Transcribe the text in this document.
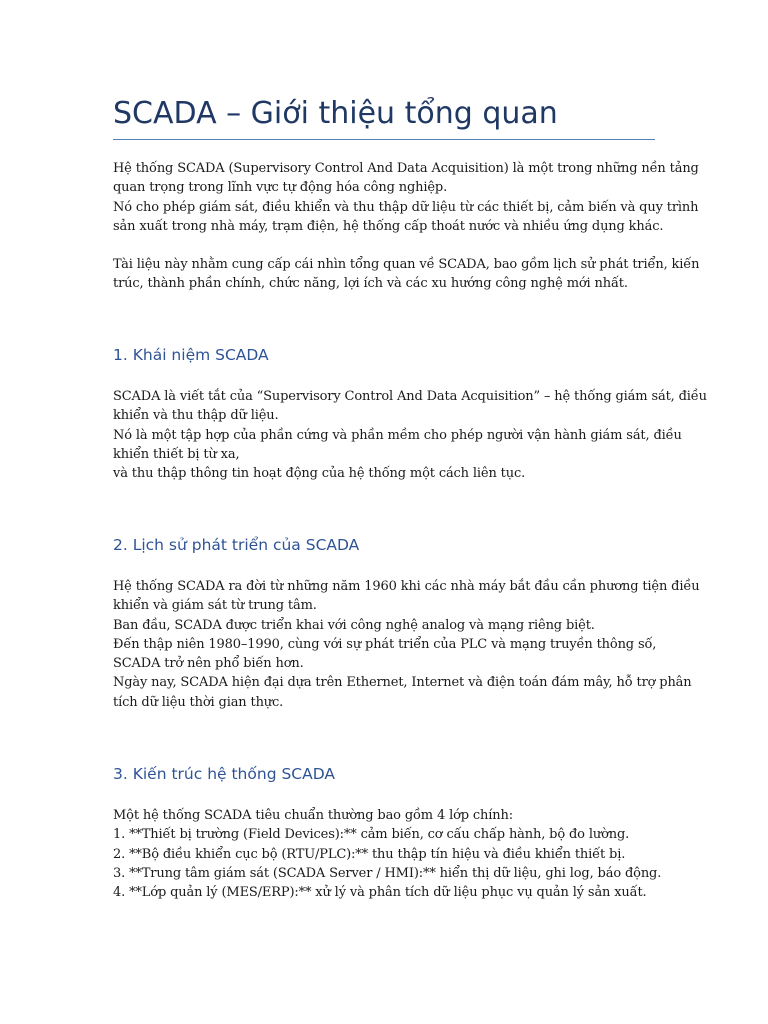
SCADA – Giới thiệu tổng quan
Hệ thống SCADA (Supervisory Control And Data Acquisition) là một trong những nền tảng
quan trọng trong lĩnh vực tự động hóa công nghiệp.
Nó cho phép giám sát, điều khiển và thu thập dữ liệu từ các thiết bị, cảm biến và quy trình
sản xuất trong nhà máy, trạm điện, hệ thống cấp thoát nước và nhiều ứng dụng khác.
Tài liệu này nhằm cung cấp cái nhìn tổng quan về SCADA, bao gồm lịch sử phát triển, kiến
trúc, thành phần chính, chức năng, lợi ích và các xu hướng công nghệ mới nhất.
1. Khái niệm SCADA
SCADA là viết tắt của “Supervisory Control And Data Acquisition” – hệ thống giám sát, điều
khiển và thu thập dữ liệu.
Nó là một tập hợp của phần cứng và phần mềm cho phép người vận hành giám sát, điều
khiển thiết bị từ xa,
và thu thập thông tin hoạt động của hệ thống một cách liên tục.
2. Lịch sử phát triển của SCADA
Hệ thống SCADA ra đời từ những năm 1960 khi các nhà máy bắt đầu cần phương tiện điều
khiển và giám sát từ trung tâm.
Ban đầu, SCADA được triển khai với công nghệ analog và mạng riêng biệt.
Đến thập niên 1980–1990, cùng với sự phát triển của PLC và mạng truyền thông số,
SCADA trở nên phổ biến hơn.
Ngày nay, SCADA hiện đại dựa trên Ethernet, Internet và điện toán đám mây, hỗ trợ phân
tích dữ liệu thời gian thực.
3. Kiến trúc hệ thống SCADA
Một hệ thống SCADA tiêu chuẩn thường bao gồm 4 lớp chính:
1. **Thiết bị trường (Field Devices):** cảm biến, cơ cấu chấp hành, bộ đo lường.
2. **Bộ điều khiển cục bộ (RTU/PLC):** thu thập tín hiệu và điều khiển thiết bị.
3. **Trung tâm giám sát (SCADA Server / HMI):** hiển thị dữ liệu, ghi log, báo động.
4. **Lớp quản lý (MES/ERP):** xử lý và phân tích dữ liệu phục vụ quản lý sản xuất.
